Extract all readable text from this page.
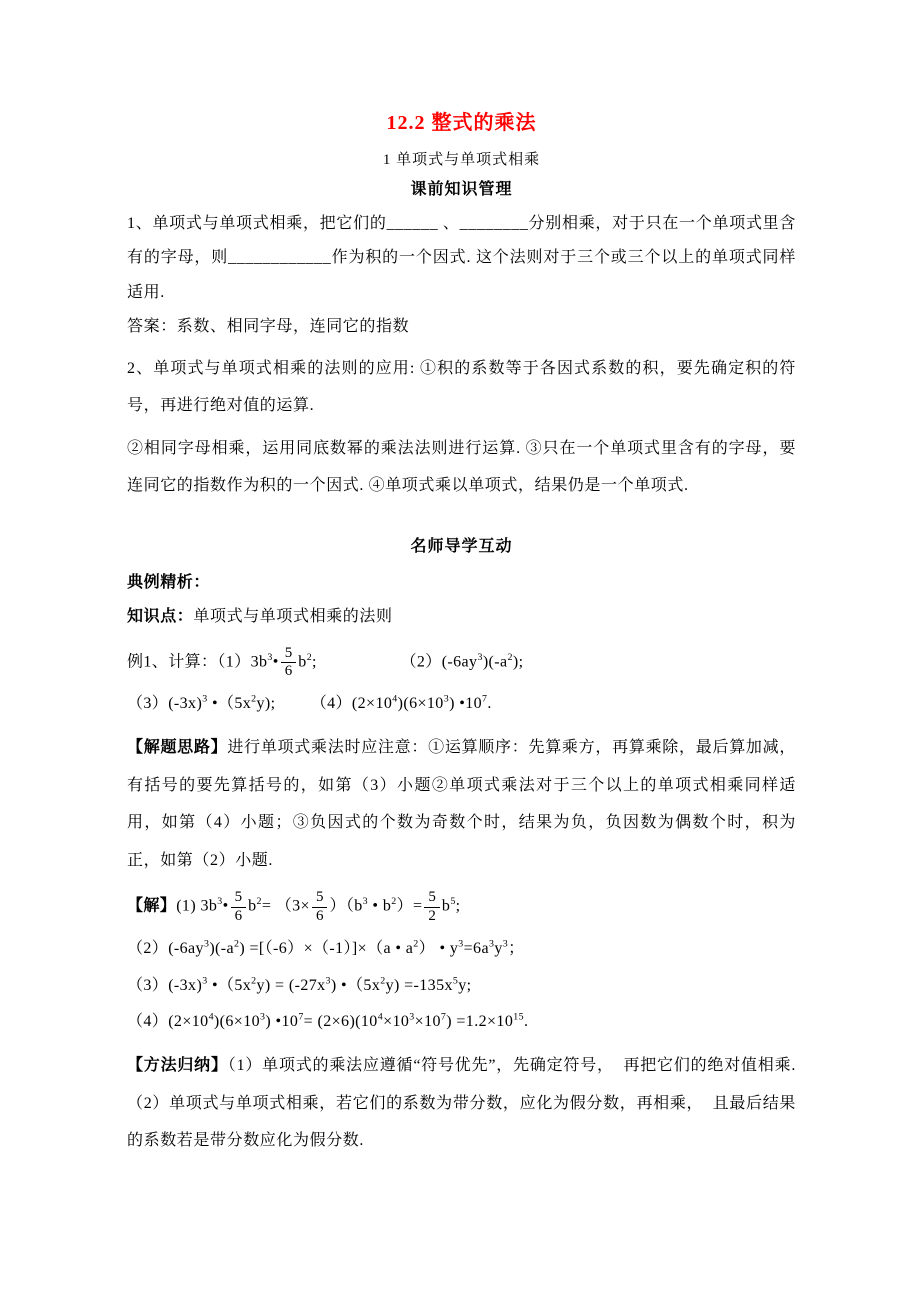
12.2 整式的乘法
1 单项式与单项式相乘
课前知识管理

1、单项式与单项式相乘，把它们的______ 、________分别相乘，对于只在一个单项式里含有的字母，则____________作为积的一个因式. 这个法则对于三个或三个以上的单项式同样适用.

答案：系数、相同字母，连同它的指数

2、单项式与单项式相乘的法则的应用: ①积的系数等于各因式系数的积，要先确定积的符号，再进行绝对值的运算.

②相同字母相乘，运用同底数幂的乘法法则进行运算. ③只在一个单项式里含有的字母，要连同它的指数作为积的一个因式. ④单项式乘以单项式，结果仍是一个单项式.

名师导学互动

典例精析：

知识点：单项式与单项式相乘的法则

例1、计算：$(1)3b^3• \frac{5}{6} b^2$;                   $(2)(-6ay^3)(-a^2)$;
$(3)(-3x)^3$ $•(5x^2y)$;        $(4)(2\times 10^4)(6\times 10^3)$ $•10^7$.

【解题思路】进行单项式乘法时应注意：①运算顺序：先算乘方，再算乘除，最后算加减，有括号的要先算括号的，如第（3）小题②单项式乘法对于三个以上的单项式相乘同样适用，如第（4）小题；③负因式的个数为奇数个时，结果为负，负因数为偶数个时，积为正，如第（2）小题.

【解】(1) $3b^3• \frac{5}{6} b^2= (3\times \frac{5}{6} )(b^3$ • $b^2)= \frac{5}{2} b^5$;
$(2)(-6ay^3)(-a^2) =[(-6)\times(-1)]\times(a$ • $a^2$） • $y^3=6a^3y^3$；
$(3)(-3x)^3$ $•(5x^2y) = (-27x^3)$ $•(5x^2y) =-135x^5y$;
$(4)(2\times 10^4)(6\times 10^3)$ $•10^7= (2\times 6)(10^4\times 10^3\times 10^7) =1.2\times 10^{15}$.

【方法归纳】（1）单项式的乘法应遵循“符号优先”，先确定符号，  再把它们的绝对值相乘.（2）单项式与单项式相乘，若它们的系数为带分数，应化为假分数，再相乘，  且最后结果的系数若是带分数应化为假分数.
